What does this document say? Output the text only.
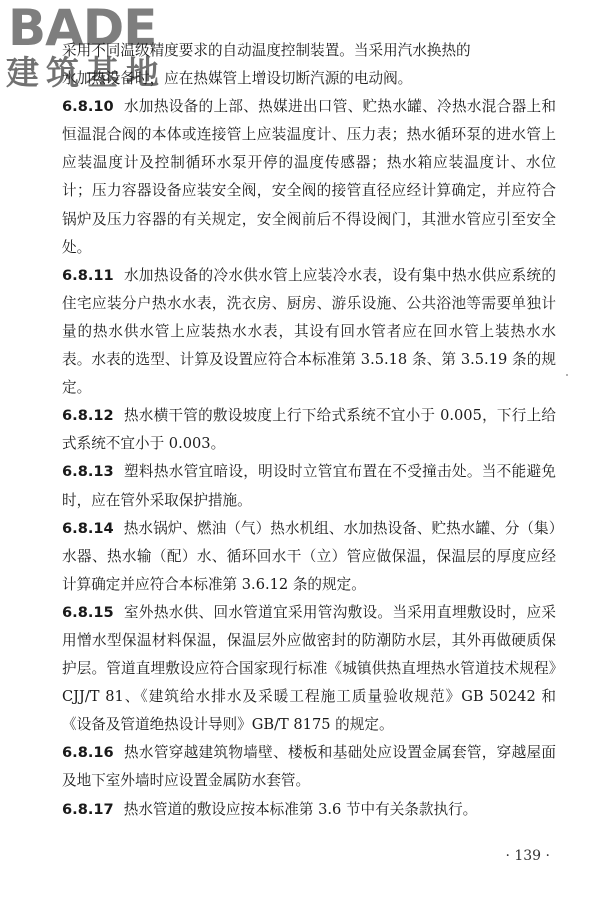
BADE
建筑基地

采用不同温级精度要求的自动温度控制装置。当采用汽水换热的

水加热设备时，应在热媒管上增设切断汽源的电动阀。

6.8.10 水加热设备的上部、热媒进出口管、贮热水罐、冷热水混合器上和恒温混合阀的本体或连接管上应装温度计、压力表；热水循环泵的进水管上应装温度计及控制循环水泵开停的温度传感器；热水箱应装温度计、水位计；压力容器设备应装安全阀，安全阀的接管直径应经计算确定，并应符合锅炉及压力容器的有关规定，安全阀前后不得设阀门，其泄水管应引至安全处。

6.8.11 水加热设备的冷水供水管上应装冷水表，设有集中热水供应系统的住宅应装分户热水水表，洗衣房、厨房、游乐设施、公共浴池等需要单独计量的热水供水管上应装热水水表，其设有回水管者应在回水管上装热水水表。水表的选型、计算及设置应符合本标准第 3.5.18 条、第 3.5.19 条的规定。

6.8.12 热水横干管的敷设坡度上行下给式系统不宜小于 0.005，下行上给式系统不宜小于 0.003。

6.8.13 塑料热水管宜暗设，明设时立管宜布置在不受撞击处。当不能避免时，应在管外采取保护措施。

6.8.14 热水锅炉、燃油（气）热水机组、水加热设备、贮热水罐、分（集）水器、热水输（配）水、循环回水干（立）管应做保温，保温层的厚度应经计算确定并应符合本标准第 3.6.12 条的规定。

6.8.15 室外热水供、回水管道宜采用管沟敷设。当采用直埋敷设时，应采用憎水型保温材料保温，保温层外应做密封的防潮防水层，其外再做硬质保护层。管道直埋敷设应符合国家现行标准《城镇供热直埋热水管道技术规程》CJJ/T 81、《建筑给水排水及采暖工程施工质量验收规范》GB 50242 和《设备及管道绝热设计导则》GB/T 8175 的规定。

6.8.16 热水管穿越建筑物墙壁、楼板和基础处应设置金属套管，穿越屋面及地下室外墙时应设置金属防水套管。

6.8.17 热水管道的敷设应按本标准第 3.6 节中有关条款执行。

· 139 ·
